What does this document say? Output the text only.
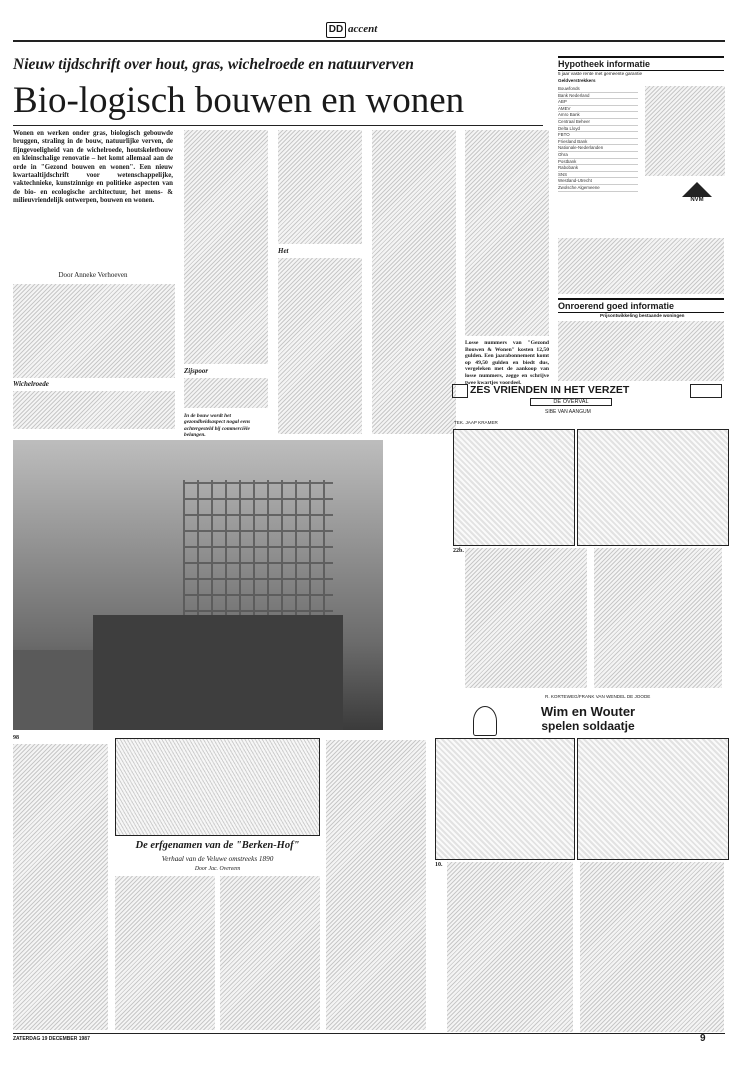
DD accent
Nieuw tijdschrift over hout, gras, wichelroede en natuurverven
Bio-logisch bouwen en wonen
Wonen en werken onder gras, biologisch gebouwde bruggen, straling in de bouw, natuurlijke verven, de fijngevoeligheid van de wichelroede, houtskeletbouw en kleinschalige renovatie – het komt allemaal aan de orde in "Gezond bouwen en wonen". Een nieuw kwartaaltijdschrift voor wetenschappelijke, vaktechnieke, kunstzinnige en politieke aspecten van de bio- en ecologische architectuur, het mens- & milieuvriendelijk ontwerpen, bouwen en wonen.
Door Anneke Verhoeven
Wichelroede
Zijspoor
In de bouw wordt het gezondheidsaspect nogal eens achtergesteld bij commerciële belangen.
Het
Losse nummers van "Gezond Bouwen & Wonen" kosten 12,50 gulden. Een jaarabonnement komt op 49,50 gulden en biedt dus, vergeleken met de aankoop van losse nummers, zegge en schrijve twee kwartjes voordeel.
Hypotheek informatie
5 jaar vaste rente met gemeente garantie
Geldverstrekkers
Bouwfonds
Bank Nederland
ABP
AMEV
Amro Bank
Centraal Beheer
Delta Lloyd
FBTO
Friesland Bank
Nationale-Nederlanden
Ohra
Postbank
Rabobank
SNS
Westland-Utrecht
Zwolsche Algemeene
NVM
Onroerend goed informatie
Prijsontwikkeling bestaande woningen
ZES VRIENDEN IN HET VERZET
DE OVERVAL
TEK. JAAP KRAMER
SIBE VAN AANGUM
22b.
R. KORTEWEG/FRANK VAN WENDEL DE JOODE
Wim en Wouter
spelen soldaatje
10.
98
De erfgenamen van de "Berken-Hof"
Verhaal van de Veluwe omstreeks 1890
Door Jac. Overeem
ZATERDAG 19 DECEMBER 1987	9
